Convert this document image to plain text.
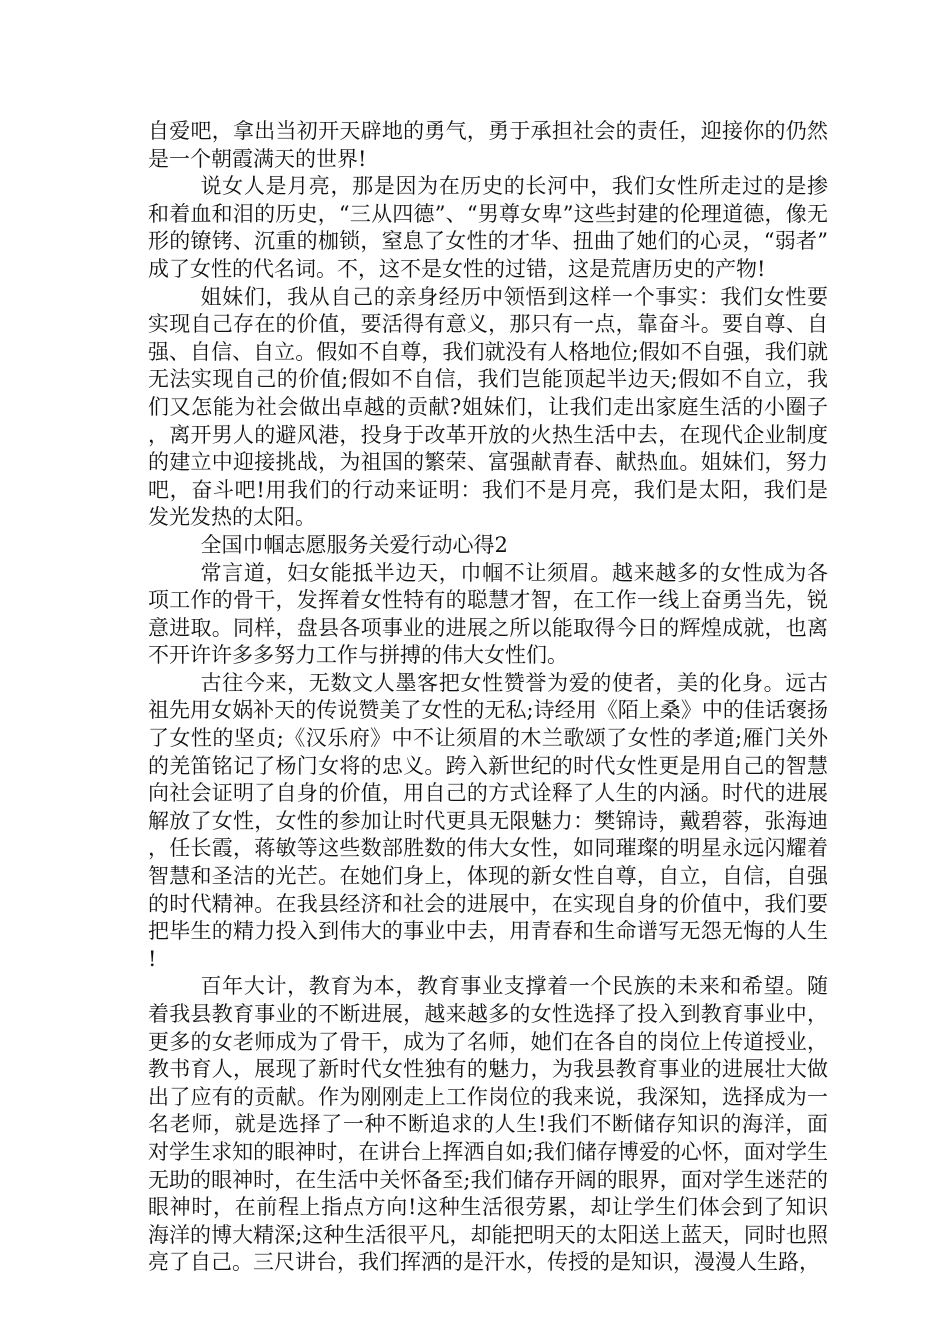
自爱吧，拿出当初开天辟地的勇气，勇于承担社会的责任，迎接你的仍然是一个朝霞满天的世界!

说女人是月亮，那是因为在历史的长河中，我们女性所走过的是掺和着血和泪的历史，“三从四德”、“男尊女卑”这些封建的伦理道德，像无形的镣铐、沉重的枷锁，窒息了女性的才华、扭曲了她们的心灵，“弱者”成了女性的代名词。不，这不是女性的过错，这是荒唐历史的产物!

姐妹们，我从自己的亲身经历中领悟到这样一个事实：我们女性要实现自己存在的价值，要活得有意义，那只有一点，靠奋斗。要自尊、自强、自信、自立。假如不自尊，我们就没有人格地位;假如不自强，我们就无法实现自己的价值;假如不自信，我们岂能顶起半边天;假如不自立，我们又怎能为社会做出卓越的贡献?姐妹们，让我们走出家庭生活的小圈子，离开男人的避风港，投身于改革开放的火热生活中去，在现代企业制度的建立中迎接挑战，为祖国的繁荣、富强献青春、献热血。姐妹们，努力吧，奋斗吧!用我们的行动来证明：我们不是月亮，我们是太阳，我们是发光发热的太阳。

全国巾帼志愿服务关爱行动心得2

常言道，妇女能抵半边天，巾帼不让须眉。越来越多的女性成为各项工作的骨干，发挥着女性特有的聪慧才智，在工作一线上奋勇当先，锐意进取。同样，盘县各项事业的进展之所以能取得今日的辉煌成就，也离不开许许多多努力工作与拼搏的伟大女性们。

古往今来，无数文人墨客把女性赞誉为爱的使者，美的化身。远古祖先用女娲补天的传说赞美了女性的无私;诗经用《陌上桑》中的佳话褒扬了女性的坚贞;《汉乐府》中不让须眉的木兰歌颂了女性的孝道;雁门关外的羌笛铭记了杨门女将的忠义。跨入新世纪的时代女性更是用自己的智慧向社会证明了自身的价值，用自己的方式诠释了人生的内涵。时代的进展解放了女性，女性的参加让时代更具无限魅力：樊锦诗，戴碧蓉，张海迪，任长霞，蒋敏等这些数部胜数的伟大女性，如同璀璨的明星永远闪耀着智慧和圣洁的光芒。在她们身上，体现的新女性自尊，自立，自信，自强的时代精神。在我县经济和社会的进展中，在实现自身的价值中，我们要把毕生的精力投入到伟大的事业中去，用青春和生命谱写无怨无悔的人生!

百年大计，教育为本，教育事业支撑着一个民族的未来和希望。随着我县教育事业的不断进展，越来越多的女性选择了投入到教育事业中，更多的女老师成为了骨干，成为了名师，她们在各自的岗位上传道授业，教书育人，展现了新时代女性独有的魅力，为我县教育事业的进展壮大做出了应有的贡献。作为刚刚走上工作岗位的我来说，我深知，选择成为一名老师，就是选择了一种不断追求的人生!我们不断储存知识的海洋，面对学生求知的眼神时，在讲台上挥洒自如;我们储存博爱的心怀，面对学生无助的眼神时，在生活中关怀备至;我们储存开阔的眼界，面对学生迷茫的眼神时，在前程上指点方向!这种生活很劳累，却让学生们体会到了知识海洋的博大精深;这种生活很平凡，却能把明天的太阳送上蓝天，同时也照亮了自己。三尺讲台，我们挥洒的是汗水，传授的是知识，漫漫人生路，
